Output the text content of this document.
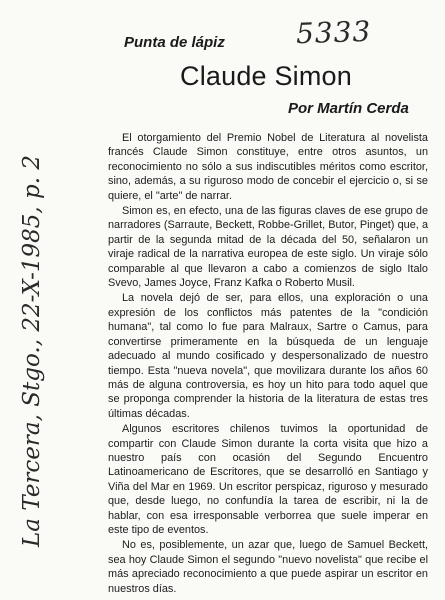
5333
La Tercera, Stgo., 22-X-1985, p. 2
Punta de lápiz
Claude Simon
Por Martín Cerda

El otorgamiento del Premio Nobel de Literatura al novelista francés Claude Simon constituye, entre otros asuntos, un reconocimiento no sólo a sus indiscutibles méritos como escritor, sino, además, a su riguroso modo de concebir el ejercicio o, si se quiere, el "arte" de narrar.

Simon es, en efecto, una de las figuras claves de ese grupo de narradores (Sarraute, Beckett, Robbe-Grillet, Butor, Pinget) que, a partir de la segunda mitad de la década del 50, señalaron un viraje radical de la narrativa europea de este siglo. Un viraje sólo comparable al que llevaron a cabo a comienzos de siglo Italo Svevo, James Joyce, Franz Kafka o Roberto Musil.

La novela dejó de ser, para ellos, una exploración o una expresión de los conflictos más patentes de la "condición humana", tal como lo fue para Malraux, Sartre o Camus, para convertirse primeramente en la búsqueda de un lenguaje adecuado al mundo cosificado y despersonalizado de nuestro tiempo. Esta "nueva novela", que movilizara durante los años 60 más de alguna controversia, es hoy un hito para todo aquel que se proponga comprender la historia de la literatura de estas tres últimas décadas.

Algunos escritores chilenos tuvimos la oportunidad de compartir con Claude Simon durante la corta visita que hizo a nuestro país con ocasión del Segundo Encuentro Latinoamericano de Escritores, que se desarrolló en Santiago y Viña del Mar en 1969. Un escritor perspicaz, riguroso y mesurado que, desde luego, no confundía la tarea de escribir, ni la de hablar, con esa irresponsable verborrea que suele imperar en este tipo de eventos.

No es, posiblemente, un azar que, luego de Samuel Beckett, sea hoy Claude Simon el segundo "nuevo novelista" que recibe el más apreciado reconocimiento a que puede aspirar un escritor en nuestros días.
